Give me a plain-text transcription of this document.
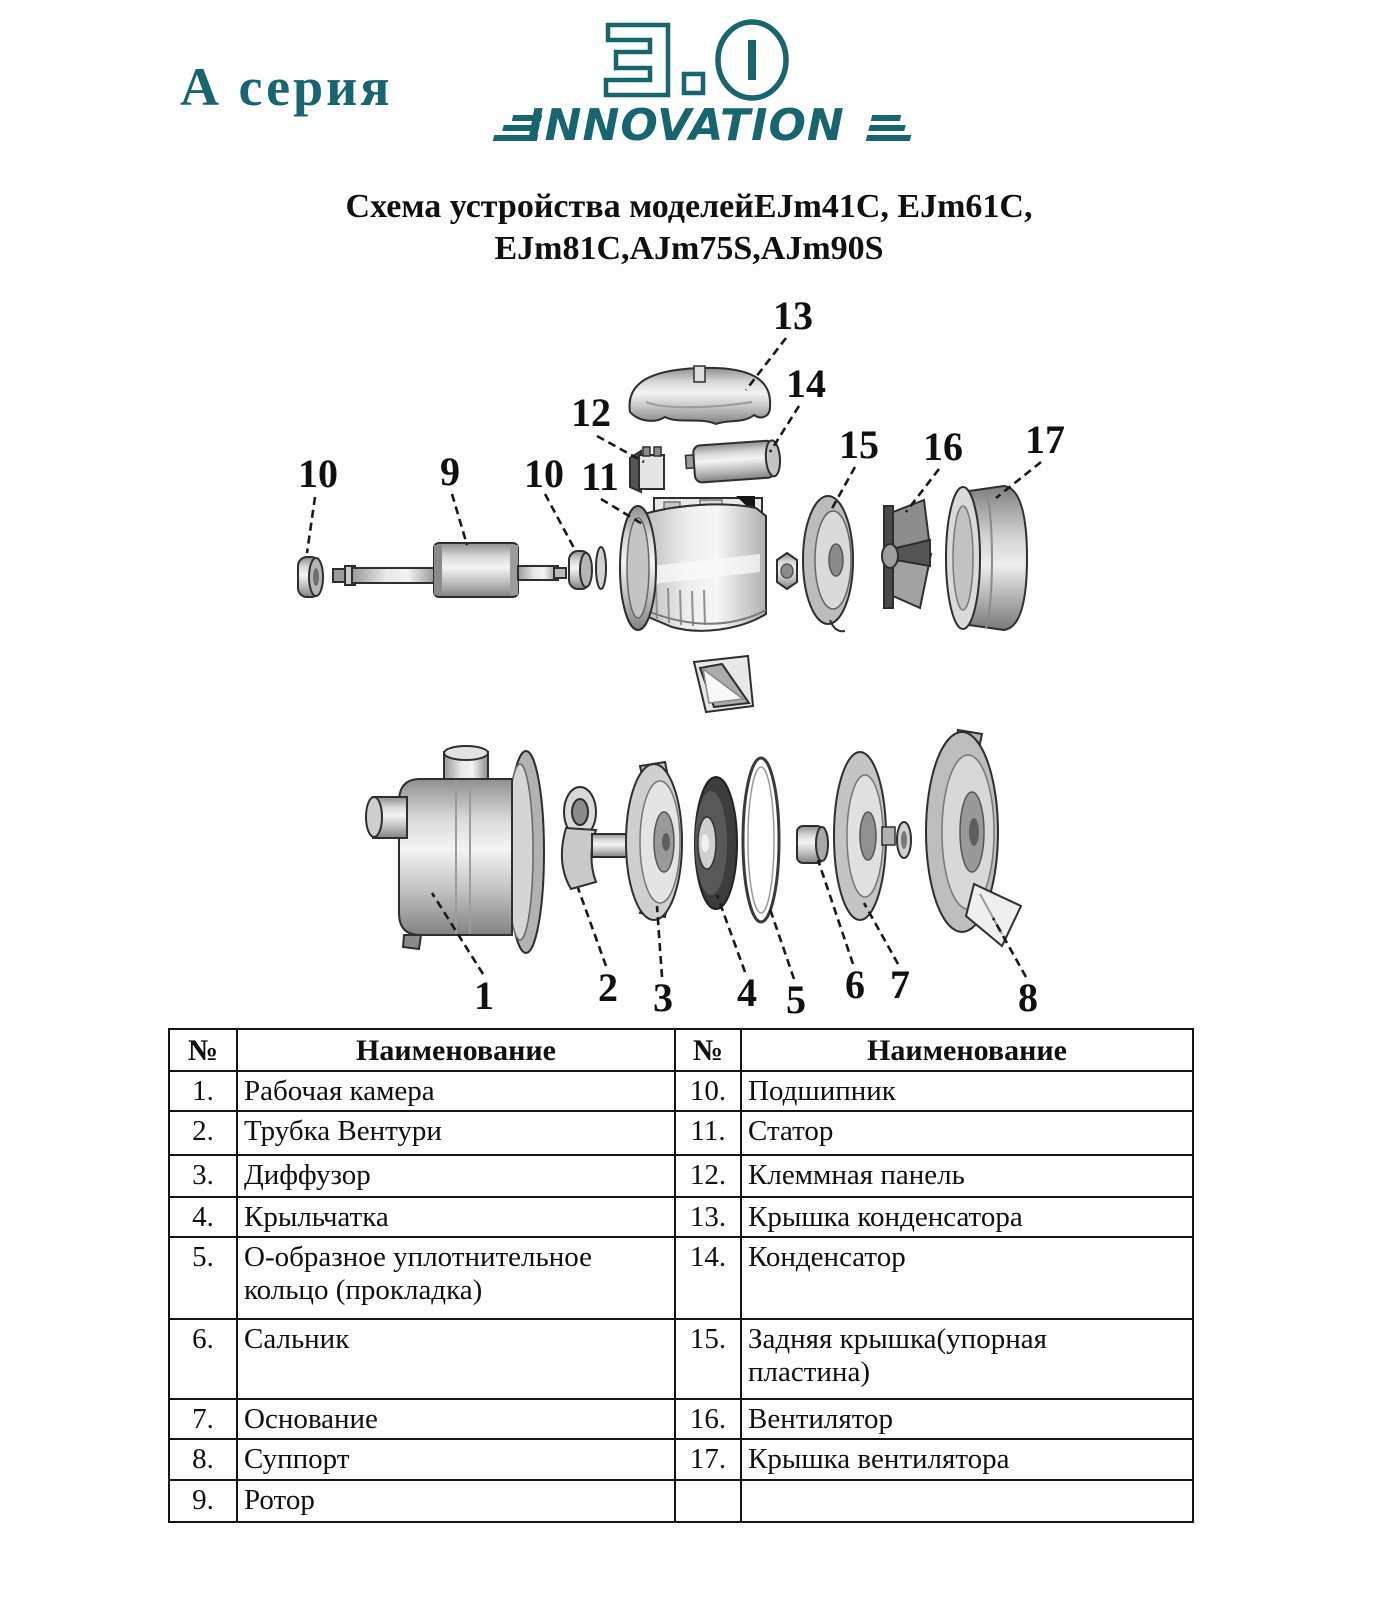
А серия
INNOVATION
Схема устройства моделейEJm41C, EJm61C,
EJm81C,AJm75S,AJm90S
13
14
12
10	9 10 11
15 16 17
1	2 3 4 5 6 7	8
№	Наименование	№	Наименование
1.	Рабочая камера	10.	Подшипник
2.	Трубка Вентури	11.	Статор
3.	Диффузор	12.	Клеммная панель
4.	Крыльчатка	13.	Крышка конденсатора
5.	О-образное уплотнительное кольцо (прокладка)	14.	Конденсатор
6.	Сальник	15.	Задняя крышка(упорная пластина)
7.	Основание	16.	Вентилятор
8.	Суппорт	17.	Крышка вентилятора
9.	Ротор		
